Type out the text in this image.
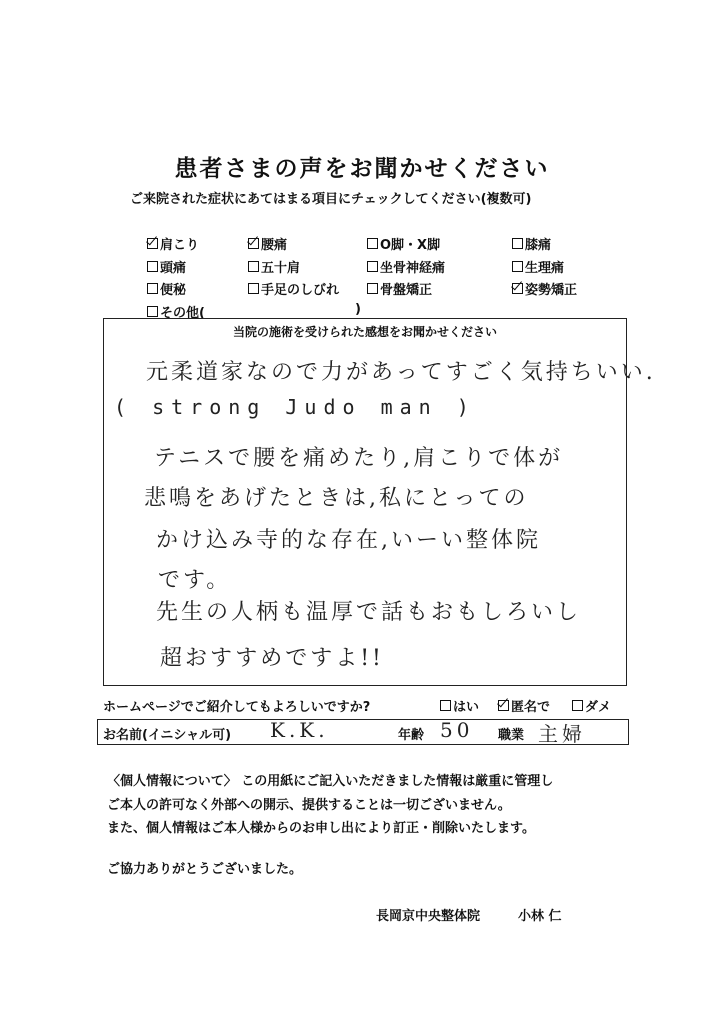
患者さまの声をお聞かせください
ご来院された症状にあてはまる項目にチェックしてください(複数可)
肩こり	腰痛	O脚・X脚	膝痛
頭痛	五十肩	坐骨神経痛	生理痛
便秘	手足のしびれ	骨盤矯正	姿勢矯正
その他(	)
当院の施術を受けられた感想をお聞かせください
元柔道家なので力があってすごく気持ちいい.
( strong Judo man )
テニスで腰を痛めたり,肩こりで体が
悲鳴をあげたときは,私にとっての
かけ込み寺的な存在,いーい整体院
です。
先生の人柄も温厚で話もおもしろいし
超おすすめですよ!!
ホームページでご紹介してもよろしいですか?	はい 匿名で	ダメ
お名前(イニシャル可) K.K.	年齢 50 職業 主婦
〈個人情報について〉 この用紙にご記入いただきました情報は厳重に管理し
ご本人の許可なく外部への開示、提供することは一切ございません。
また、個人情報はご本人様からのお申し出により訂正・削除いたします。
ご協力ありがとうございました。
長岡京中央整体院	小林 仁
